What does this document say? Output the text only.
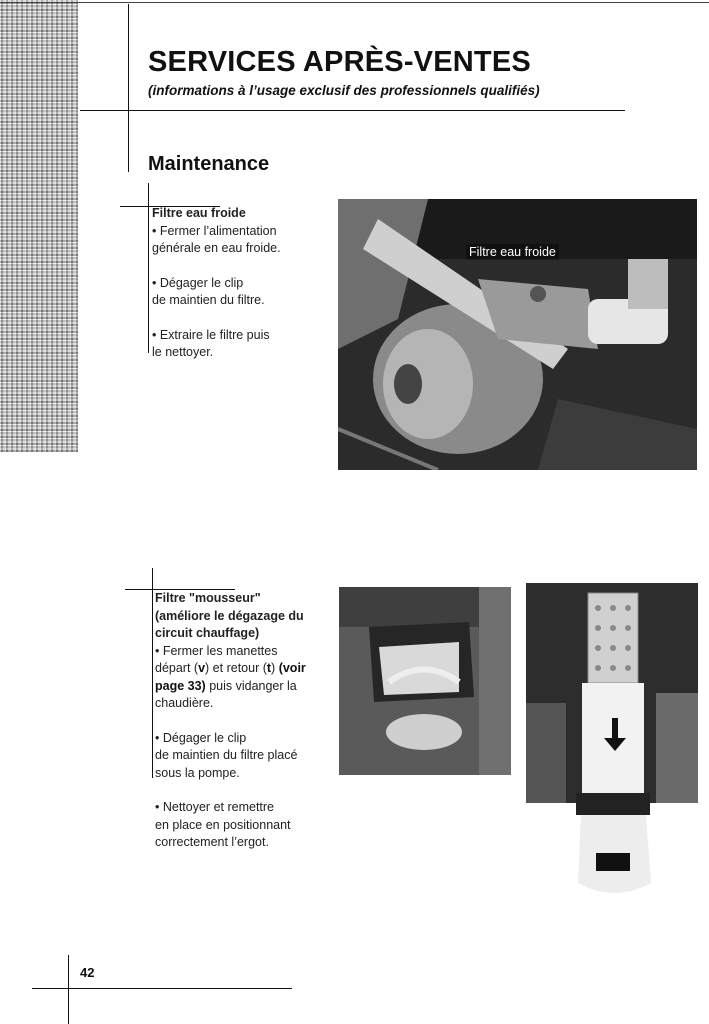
SERVICES APRÈS-VENTES
(informations à l’usage exclusif des professionnels qualifiés)
Maintenance
Filtre eau froide
• Fermer l’alimentation
générale en eau froide.
• Dégager le clip
de maintien du filtre.
• Extraire le filtre puis
le nettoyer.
Filtre eau froide
Filtre "mousseur"
(améliore le dégazage du
circuit chauffage)
• Fermer les manettes
départ (v) et retour (t) (voir
page 33) puis vidanger la
chaudière.
• Dégager le clip
de maintien du filtre placé
sous la pompe.
• Nettoyer et remettre
en place en positionnant
correctement l’ergot.
42
